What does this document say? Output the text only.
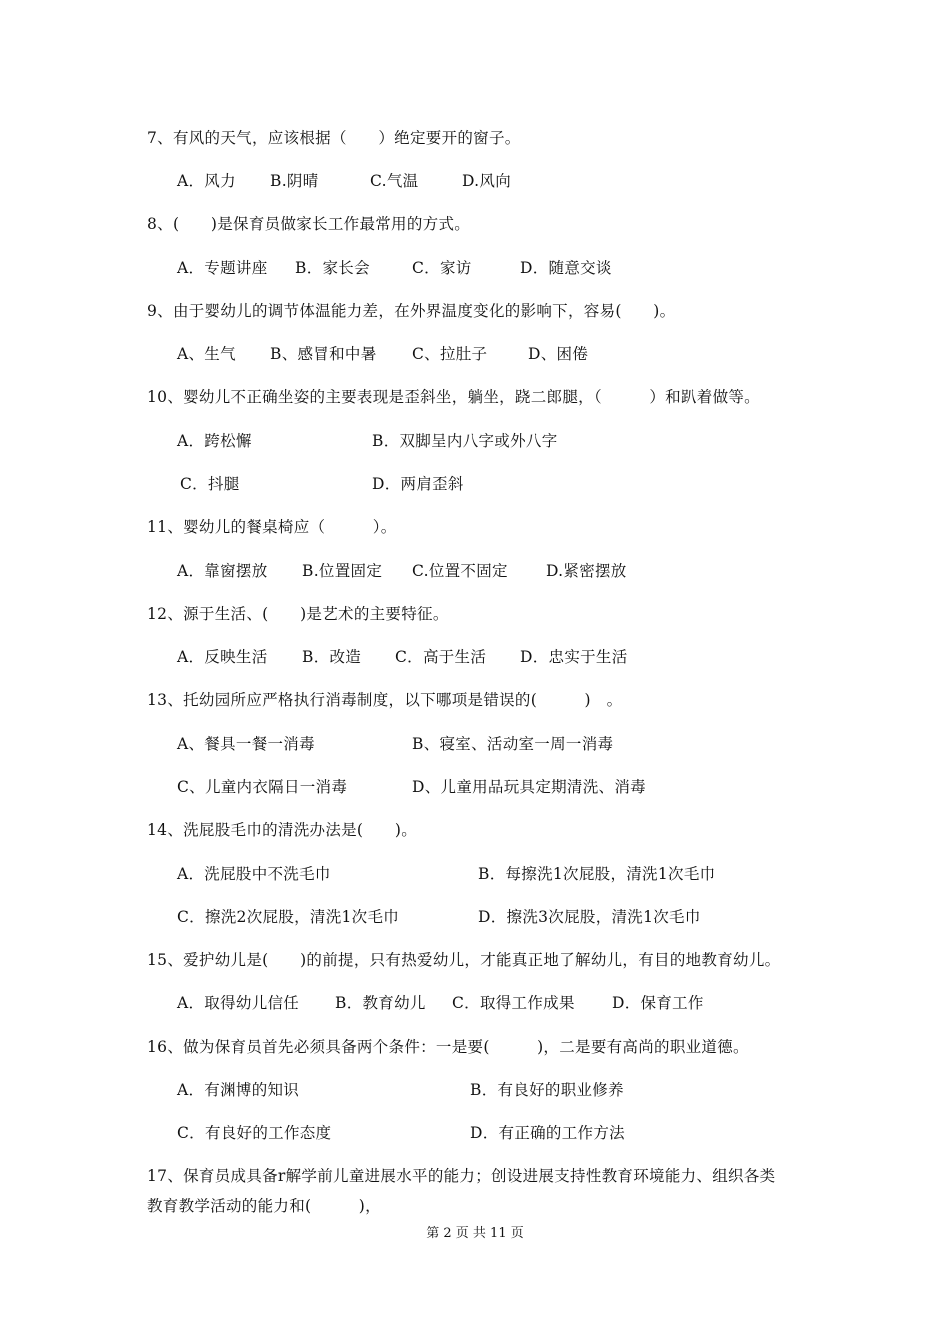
7、有风的天气，应该根据（　　）绝定要开的窗子。
A．风力 B.阴晴	C.气温	D.风向
8、(　　)是保育员做家长工作最常用的方式。
A．专题讲座 B．家长会	C．家访	D．随意交谈
9、由于婴幼儿的调节体温能力差，在外界温度变化的影响下，容易(　　)。
A、生气 B、感冒和中暑 C、拉肚子	D、困倦
10、婴幼儿不正确坐姿的主要表现是歪斜坐，躺坐，跷二郎腿，（　　　）和趴着做等。
A．跨松懈	B．双脚呈内八字或外八字
C．抖腿	D．两肩歪斜
11、婴幼儿的餐桌椅应（　　　）。
A．靠窗摆放 B.位置固定 C.位置不固定 D.紧密摆放
12、源于生活、(　　)是艺术的主要特征。
A．反映生活 B．改造 C．高于生活 D．忠实于生活
13、托幼园所应严格执行消毒制度，以下哪项是错误的(　　　)　。
A、餐具一餐一消毒	B、寝室、活动室一周一消毒
C、儿童内衣隔日一消毒	D、儿童用品玩具定期清洗、消毒
14、洗屁股毛巾的清洗办法是(　　)。
A．洗屁股中不洗毛巾	B．每擦洗1次屁股，清洗1次毛巾
C．擦洗2次屁股，清洗1次毛巾	D．擦洗3次屁股，清洗1次毛巾
15、爱护幼儿是(　　)的前提，只有热爱幼儿，才能真正地了解幼儿，有目的地教育幼儿。
A．取得幼儿信任 B．教育幼儿 C．取得工作成果 D．保育工作
16、做为保育员首先必须具备两个条件：一是要(　　　)，二是要有高尚的职业道德。
A．有渊博的知识	B．有良好的职业修养
C．有良好的工作态度	D．有正确的工作方法
17、保育员成具备r解学前儿童进展水平的能力；创设进展支持性教育环境能力、组织各类
教育教学活动的能力和(　　　)，
第 2 页 共 11 页
